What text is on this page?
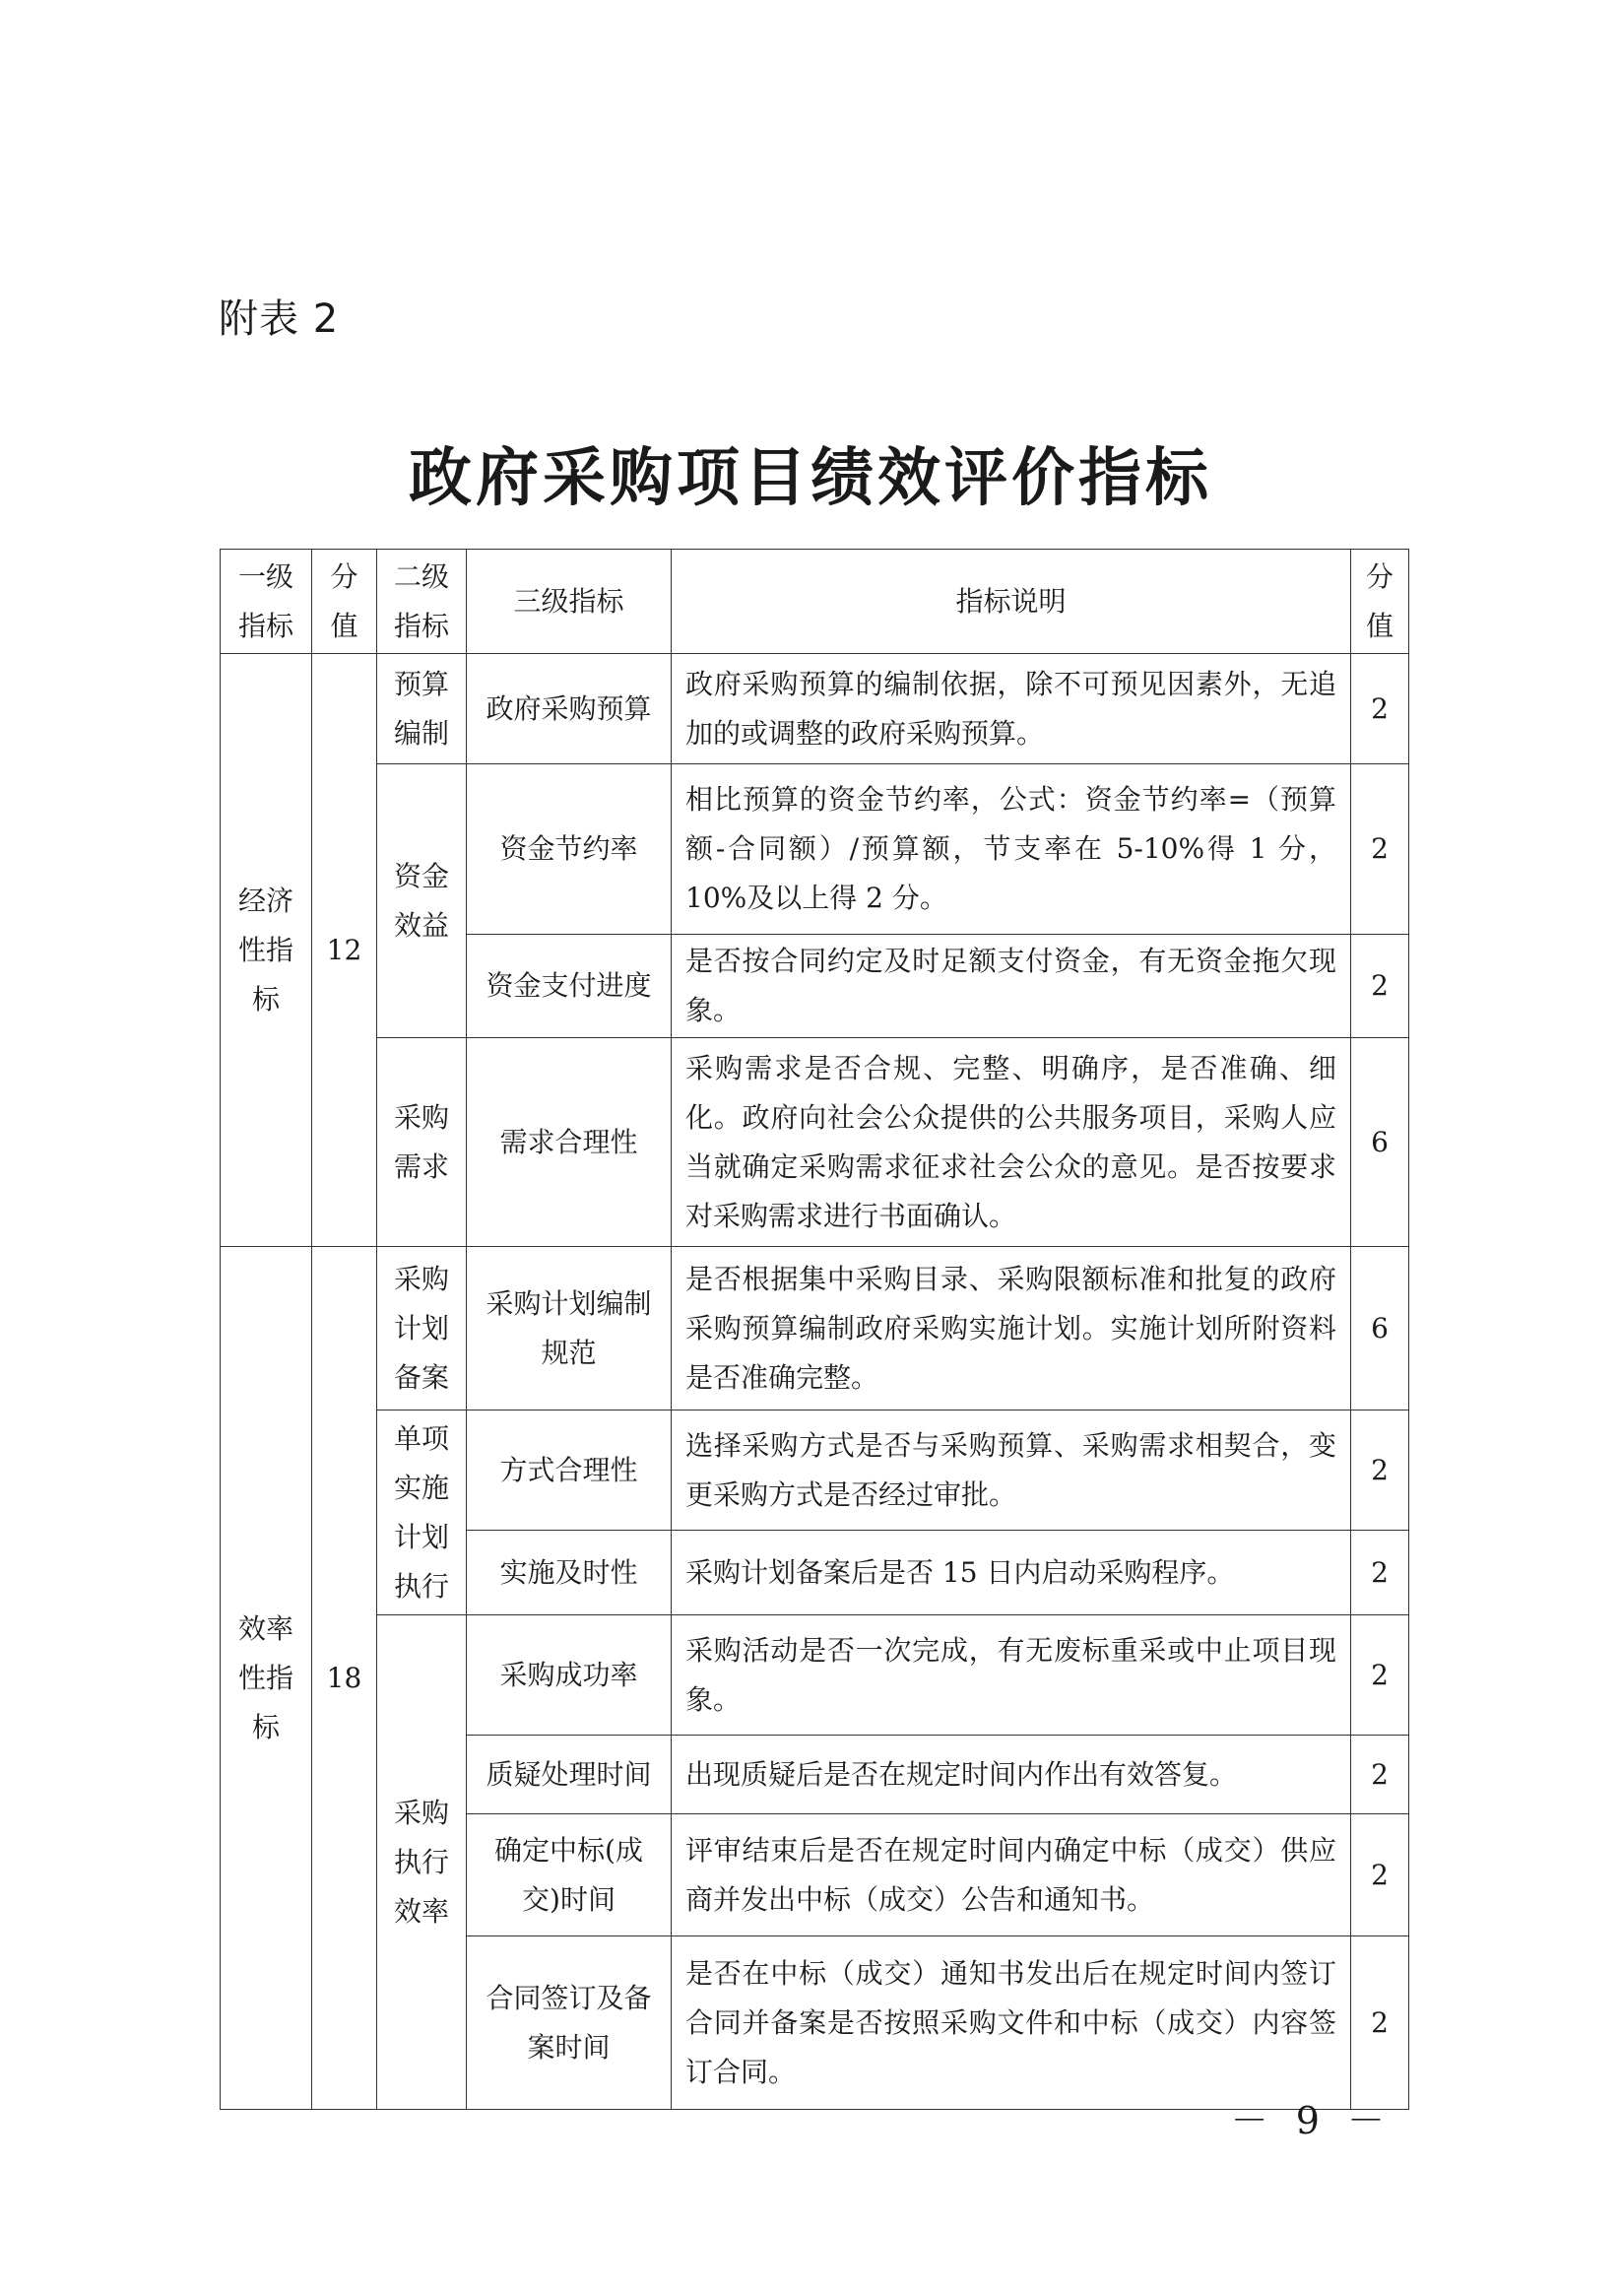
附表 2
政府采购项目绩效评价指标
一级指标	分值	二级指标	三级指标	指标说明	分值
经济性指标	12	预算编制	政府采购预算	政府采购预算的编制依据，除不可预见因素外，无追加的或调整的政府采购预算。	2
		资金效益	资金节约率	相比预算的资金节约率，公式：资金节约率=（预算额-合同额）/预算额，节支率在 5-10%得 1 分，10%及以上得 2 分。	2
			资金支付进度	是否按合同约定及时足额支付资金，有无资金拖欠现象。	2
		采购需求	需求合理性	采购需求是否合规、完整、明确序，是否准确、细化。政府向社会公众提供的公共服务项目，采购人应当就确定采购需求征求社会公众的意见。是否按要求对采购需求进行书面确认。	6
效率性指标	18	采购计划备案	采购计划编制规范	是否根据集中采购目录、采购限额标准和批复的政府采购预算编制政府采购实施计划。实施计划所附资料是否准确完整。	6
		单项实施计划执行	方式合理性	选择采购方式是否与采购预算、采购需求相契合，变更采购方式是否经过审批。	2
			实施及时性	采购计划备案后是否 15 日内启动采购程序。	2
		采购执行效率	采购成功率	采购活动是否一次完成，有无废标重采或中止项目现象。	2
			质疑处理时间	出现质疑后是否在规定时间内作出有效答复。	2
			确定中标(成交)时间	评审结束后是否在规定时间内确定中标（成交）供应商并发出中标（成交）公告和通知书。	2
			合同签订及备案时间	是否在中标（成交）通知书发出后在规定时间内签订合同并备案是否按照采购文件和中标（成交）内容签订合同。	2
－ 9 －
